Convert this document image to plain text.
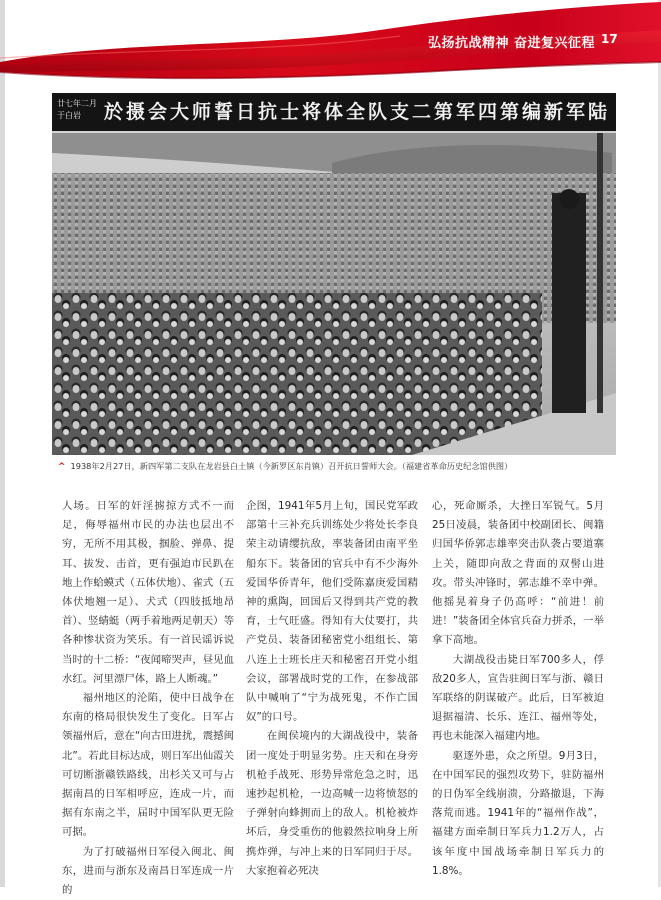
弘扬抗战精神 奋进复兴征程 17
廿七年二月 于白岩	陆军新编第四军第二支队全体将士抗日誓师大会摄於
^ 1938年2月27日，新四军第二支队在龙岩县白土镇（今新罗区东肖镇）召开抗日誓师大会。（福建省革命历史纪念馆供图）

人场。日军的奸淫掳掠方式不一而足，侮辱福州市民的办法也层出不穷，无所不用其极，掴脸、弹鼻、提耳、拔发、击首，更有强迫市民趴在地上作蛤蟆式（五体伏地）、雀式（五体伏地翘一足）、犬式（四肢抵地昂首）、竖蜻蜓（两手着地两足朝天）等各种惨状资为笑乐。有一首民谣诉说当时的十二桥：“夜闻啼哭声，昼见血水红。河里漂尸体，路上人断魂。”

福州地区的沦陷，使中日战争在东南的格局很快发生了变化。日军占领福州后，意在“向古田进扰，震撼闽北”。若此目标达成，则日军出仙霞关可切断浙赣铁路线，出杉关又可与占据南昌的日军相呼应，连成一片，而据有东南之半，届时中国军队更无险可据。

为了打破福州日军侵入闽北、闽东，进而与浙东及南昌日军连成一片的

企图，1941年5月上旬，国民党军政部第十三补充兵训练处少将处长李良荣主动请缨抗敌，率装备团由南平坐船东下。装备团的官兵中有不少海外爱国华侨青年，他们受陈嘉庚爱国精神的熏陶，回国后又得到共产党的教育，士气旺盛。得知有大仗要打，共产党员、装备团秘密党小组组长、第八连上士班长庄天和秘密召开党小组会议，部署战时党的工作，在参战部队中喊响了“宁为战死鬼，不作亡国奴”的口号。

在闽侯境内的大湖战役中，装备团一度处于明显劣势。庄天和在身旁机枪手战死、形势异常危急之时，迅速抄起机枪，一边高喊一边将愤怒的子弹射向蜂拥而上的敌人。机枪被炸坏后，身受重伤的他毅然拉响身上所携炸弹，与冲上来的日军同归于尽。大家抱着必死决

心，死命厮杀，大挫日军锐气。5月25日凌晨，装备团中校副团长、闽籍归国华侨郭志雄率突击队袭占要道寨上关，随即向敌之背面的双髻山进攻。带头冲锋时，郭志雄不幸中弹。他摇晃着身子仍高呼：“前进！前进！”装备团全体官兵奋力拼杀，一举拿下高地。

大湖战役击毙日军700多人，俘敌20多人，宣告驻闽日军与浙、赣日军联络的阴谋破产。此后，日军被迫退据福清、长乐、连江、福州等处，再也未能深入福建内地。

驱逐外患，众之所望。9月3日，在中国军民的强烈攻势下，驻防福州的日伪军全线崩溃，分路撤退，下海落荒而逃。1941年的“福州作战”，福建方面牵制日军兵力1.2万人，占该年度中国战场牵制日军兵力的1.8%。
